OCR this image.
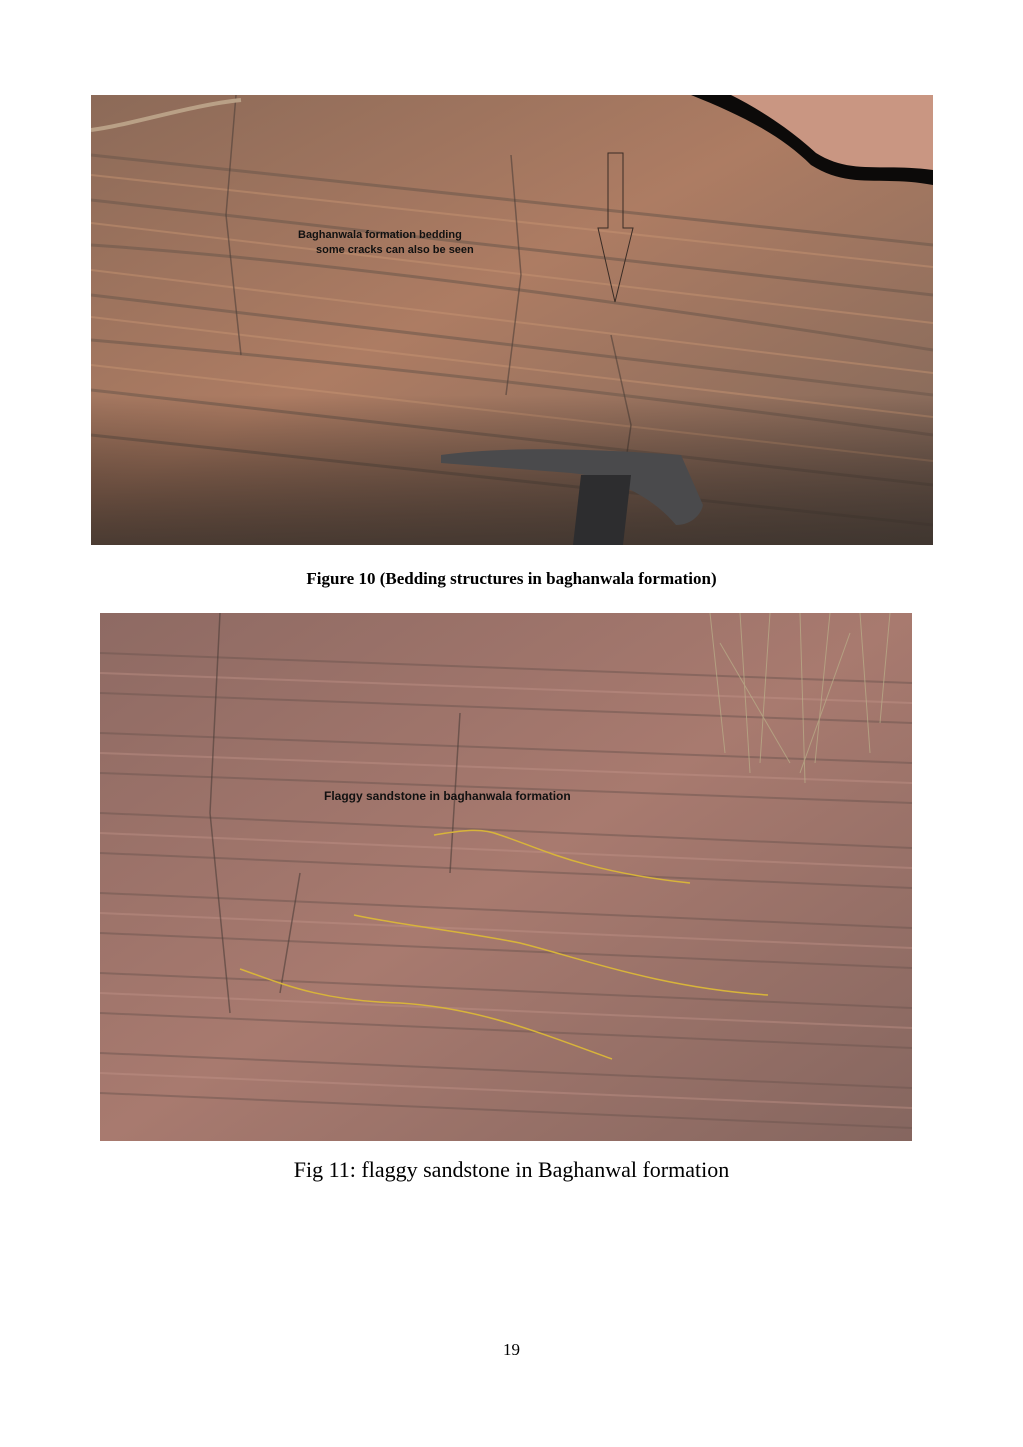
Baghanwala formation bedding
some cracks can also be seen
Figure 10 (Bedding structures in baghanwala formation)
Flaggy sandstone in baghanwala formation
Fig 11: flaggy sandstone in Baghanwal formation
19
